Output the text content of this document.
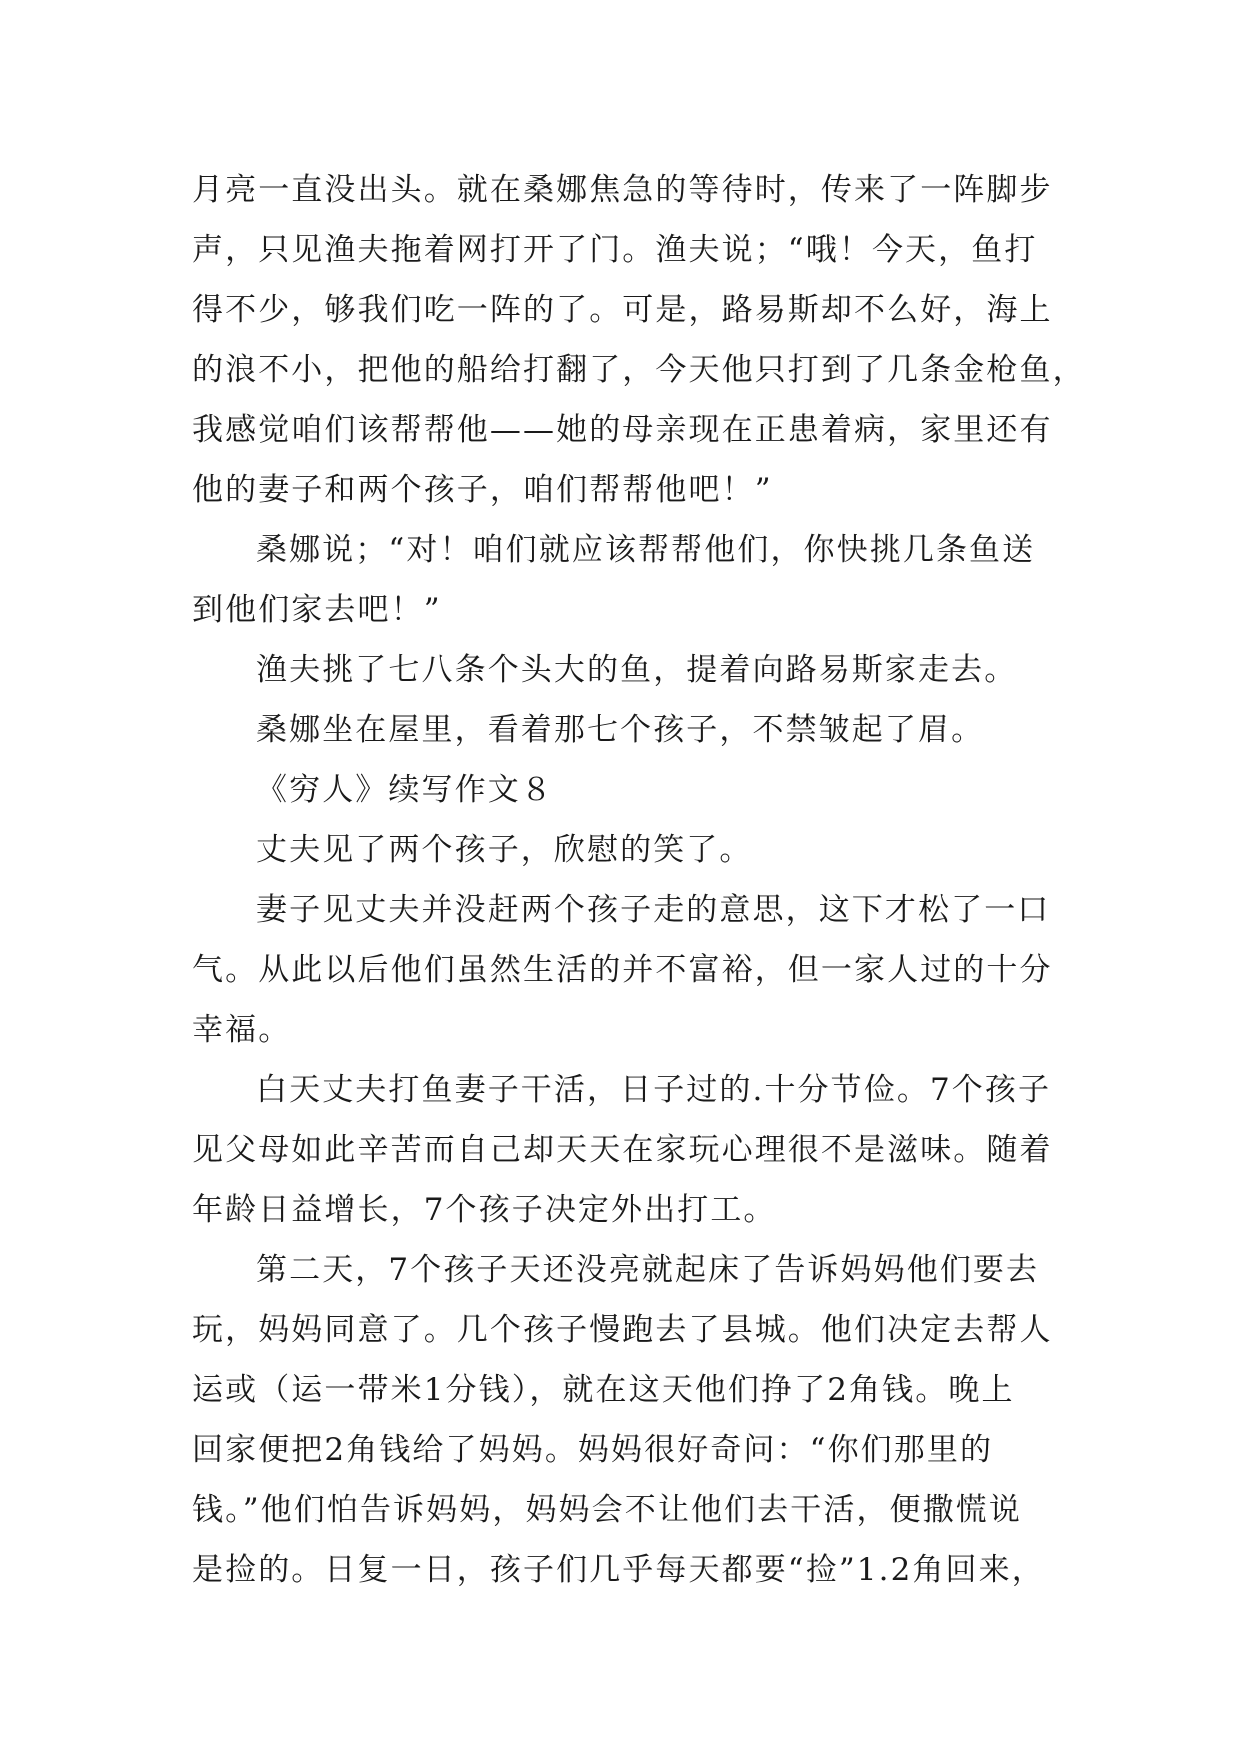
月亮一直没出头。就在桑娜焦急的等待时，传来了一阵脚步
声，只见渔夫拖着网打开了门。渔夫说；“哦！今天，鱼打
得不少，够我们吃一阵的了。可是，路易斯却不么好，海上
的浪不小，把他的船给打翻了，今天他只打到了几条金枪鱼，
我感觉咱们该帮帮他——她的母亲现在正患着病，家里还有
他的妻子和两个孩子，咱们帮帮他吧！”
桑娜说；“对！咱们就应该帮帮他们，你快挑几条鱼送
到他们家去吧！”
渔夫挑了七八条个头大的鱼，提着向路易斯家走去。
桑娜坐在屋里，看着那七个孩子，不禁皱起了眉。
《穷人》续写作文８
丈夫见了两个孩子，欣慰的笑了。
妻子见丈夫并没赶两个孩子走的意思，这下才松了一口
气。从此以后他们虽然生活的并不富裕，但一家人过的十分
幸福。
白天丈夫打鱼妻子干活，日子过的.十分节俭。7个孩子
见父母如此辛苦而自己却天天在家玩心理很不是滋味。随着
年龄日益增长，7个孩子决定外出打工。
第二天，7个孩子天还没亮就起床了告诉妈妈他们要去
玩，妈妈同意了。几个孩子慢跑去了县城。他们决定去帮人
运或（运一带米1分钱），就在这天他们挣了2角钱。晚上
回家便把2角钱给了妈妈。妈妈很好奇问：“你们那里的
钱。”他们怕告诉妈妈，妈妈会不让他们去干活，便撒慌说
是捡的。日复一日，孩子们几乎每天都要“捡”1.2角回来，
